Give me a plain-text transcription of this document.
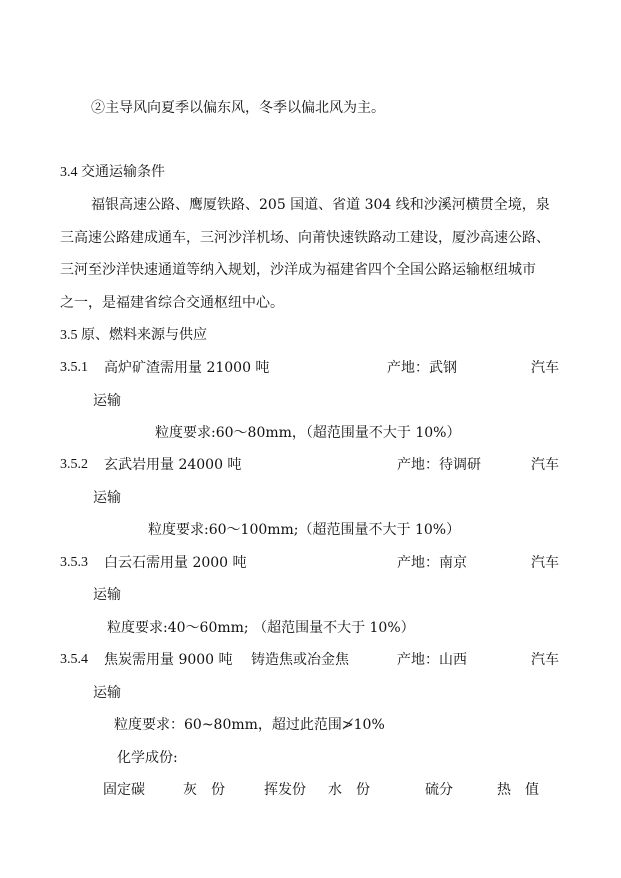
②主导风向夏季以偏东风，冬季以偏北风为主。
3.4 交通运输条件
福银高速公路、鹰厦铁路、205 国道、省道 304 线和沙溪河横贯全境，泉
三高速公路建成通车，三河沙洋机场、向莆快速铁路动工建设，厦沙高速公路、
三河至沙洋快速通道等纳入规划，沙洋成为福建省四个全国公路运输枢纽城市
之一，是福建省综合交通枢纽中心。
3.5 原、燃料来源与供应
3.5.1 高炉矿渣需用量 21000 吨	产地：武钢	汽车
运输
粒度要求:60～80mm，（超范围量不大于 10%）
3.5.2 玄武岩用量 24000 吨	产地：待调研	汽车
运输
粒度要求:60～100mm;（超范围量不大于 10%）
3.5.3 白云石需用量 2000 吨	产地：南京	汽车
运输
粒度要求:40～60mm; （超范围量不大于 10%）
3.5.4 焦炭需用量 9000 吨 铸造焦或冶金焦	产地：山西	汽车
运输
粒度要求：60~80mm，超过此范围≯10%
化学成份:
固定碳	灰　份	挥发份 水　份	硫分	热　值
